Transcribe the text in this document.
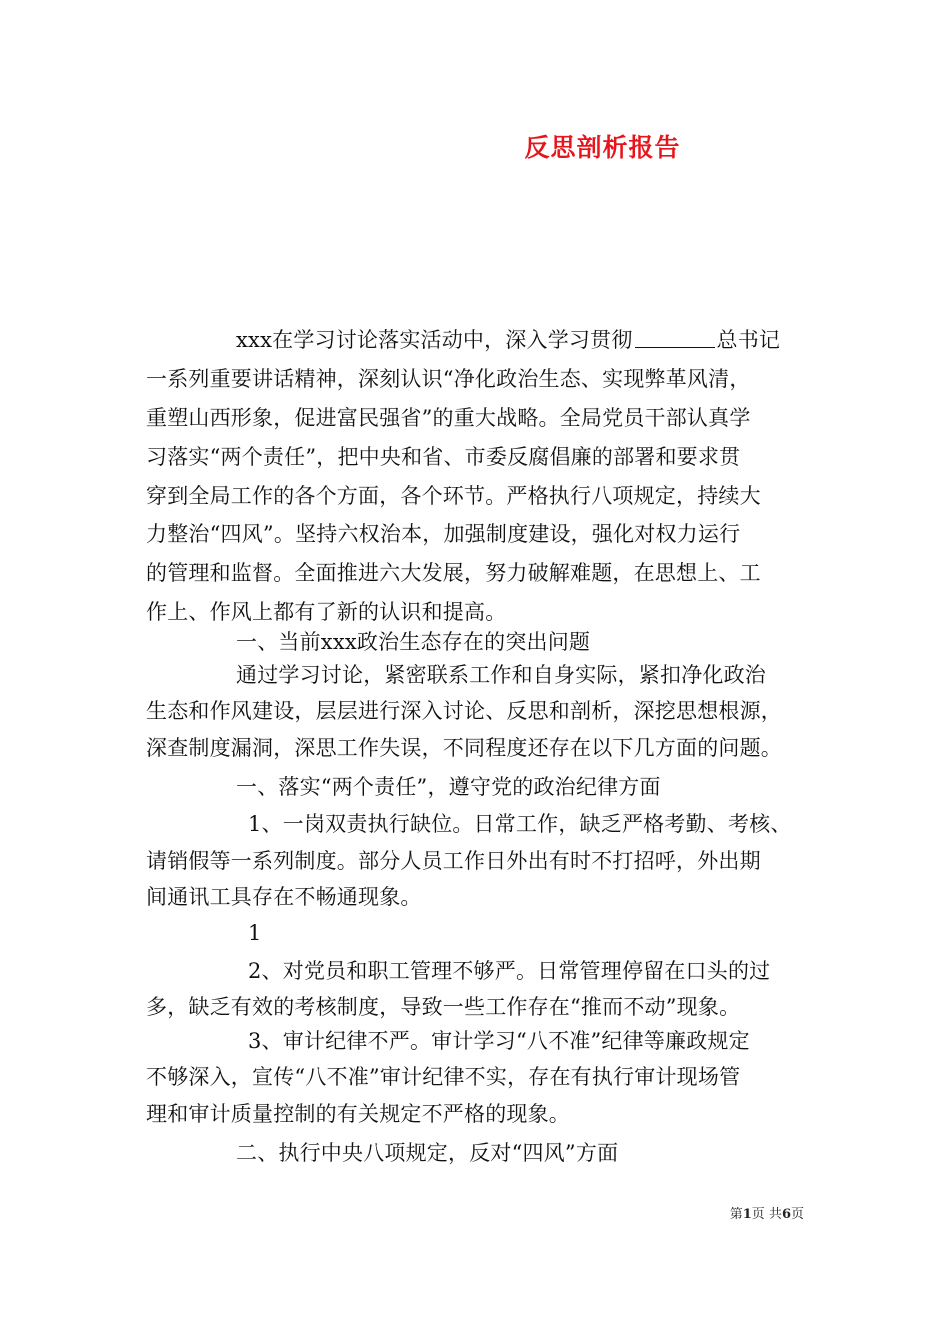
反思剖析报告
xxx在学习讨论落实活动中，深入学习贯彻	总书记
一系列重要讲话精神，深刻认识“净化政治生态、实现弊革风清，
重塑山西形象，促进富民强省”的重大战略。全局党员干部认真学
习落实“两个责任”，把中央和省、市委反腐倡廉的部署和要求贯
穿到全局工作的各个方面，各个环节。严格执行八项规定，持续大
力整治“四风”。坚持六权治本，加强制度建设，强化对权力运行
的管理和监督。全面推进六大发展，努力破解难题，在思想上、工
作上、作风上都有了新的认识和提高。
一、当前xxx政治生态存在的突出问题
通过学习讨论，紧密联系工作和自身实际，紧扣净化政治
生态和作风建设，层层进行深入讨论、反思和剖析，深挖思想根源，
深查制度漏洞，深思工作失误，不同程度还存在以下几方面的问题。
一、落实“两个责任”，遵守党的政治纪律方面
1、一岗双责执行缺位。日常工作，缺乏严格考勤、考核、
请销假等一系列制度。部分人员工作日外出有时不打招呼，外出期
间通讯工具存在不畅通现象。
1
2、对党员和职工管理不够严。日常管理停留在口头的过
多，缺乏有效的考核制度，导致一些工作存在“推而不动”现象。
3、审计纪律不严。审计学习“八不准”纪律等廉政规定
不够深入，宣传“八不准”审计纪律不实，存在有执行审计现场管
理和审计质量控制的有关规定不严格的现象。
二、执行中央八项规定，反对“四风”方面
第1页 共6页
